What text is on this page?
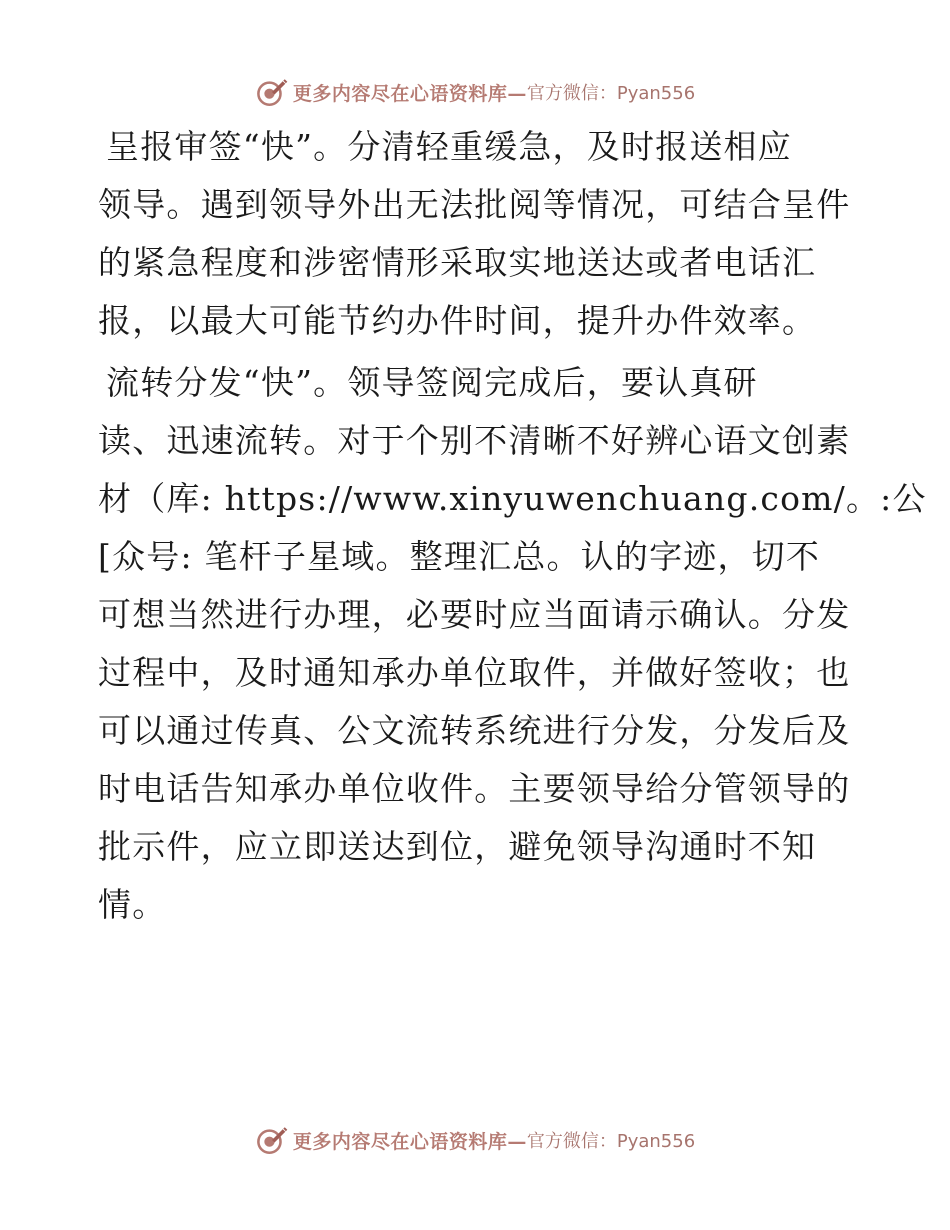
更多内容尽在心语资料库— 官方微信：Pyan556
呈报审签“快”。分清轻重缓急，及时报送相应
领导。遇到领导外出无法批阅等情况，可结合呈件
的紧急程度和涉密情形采取实地送达或者电话汇
报，以最大可能节约办件时间，提升办件效率。
流转分发“快”。领导签阅完成后，要认真研
读、迅速流转。对于个别不清晰不好辨心语文创素
材（库: https://www.xinyuwenchuang.com/。:公
[众号: 笔杆子星域。整理汇总。认的字迹，切不
可想当然进行办理，必要时应当面请示确认。分发
过程中，及时通知承办单位取件，并做好签收；也
可以通过传真、公文流转系统进行分发，分发后及
时电话告知承办单位收件。主要领导给分管领导的
批示件，应立即送达到位，避免领导沟通时不知
情。
更多内容尽在心语资料库— 官方微信：Pyan556
